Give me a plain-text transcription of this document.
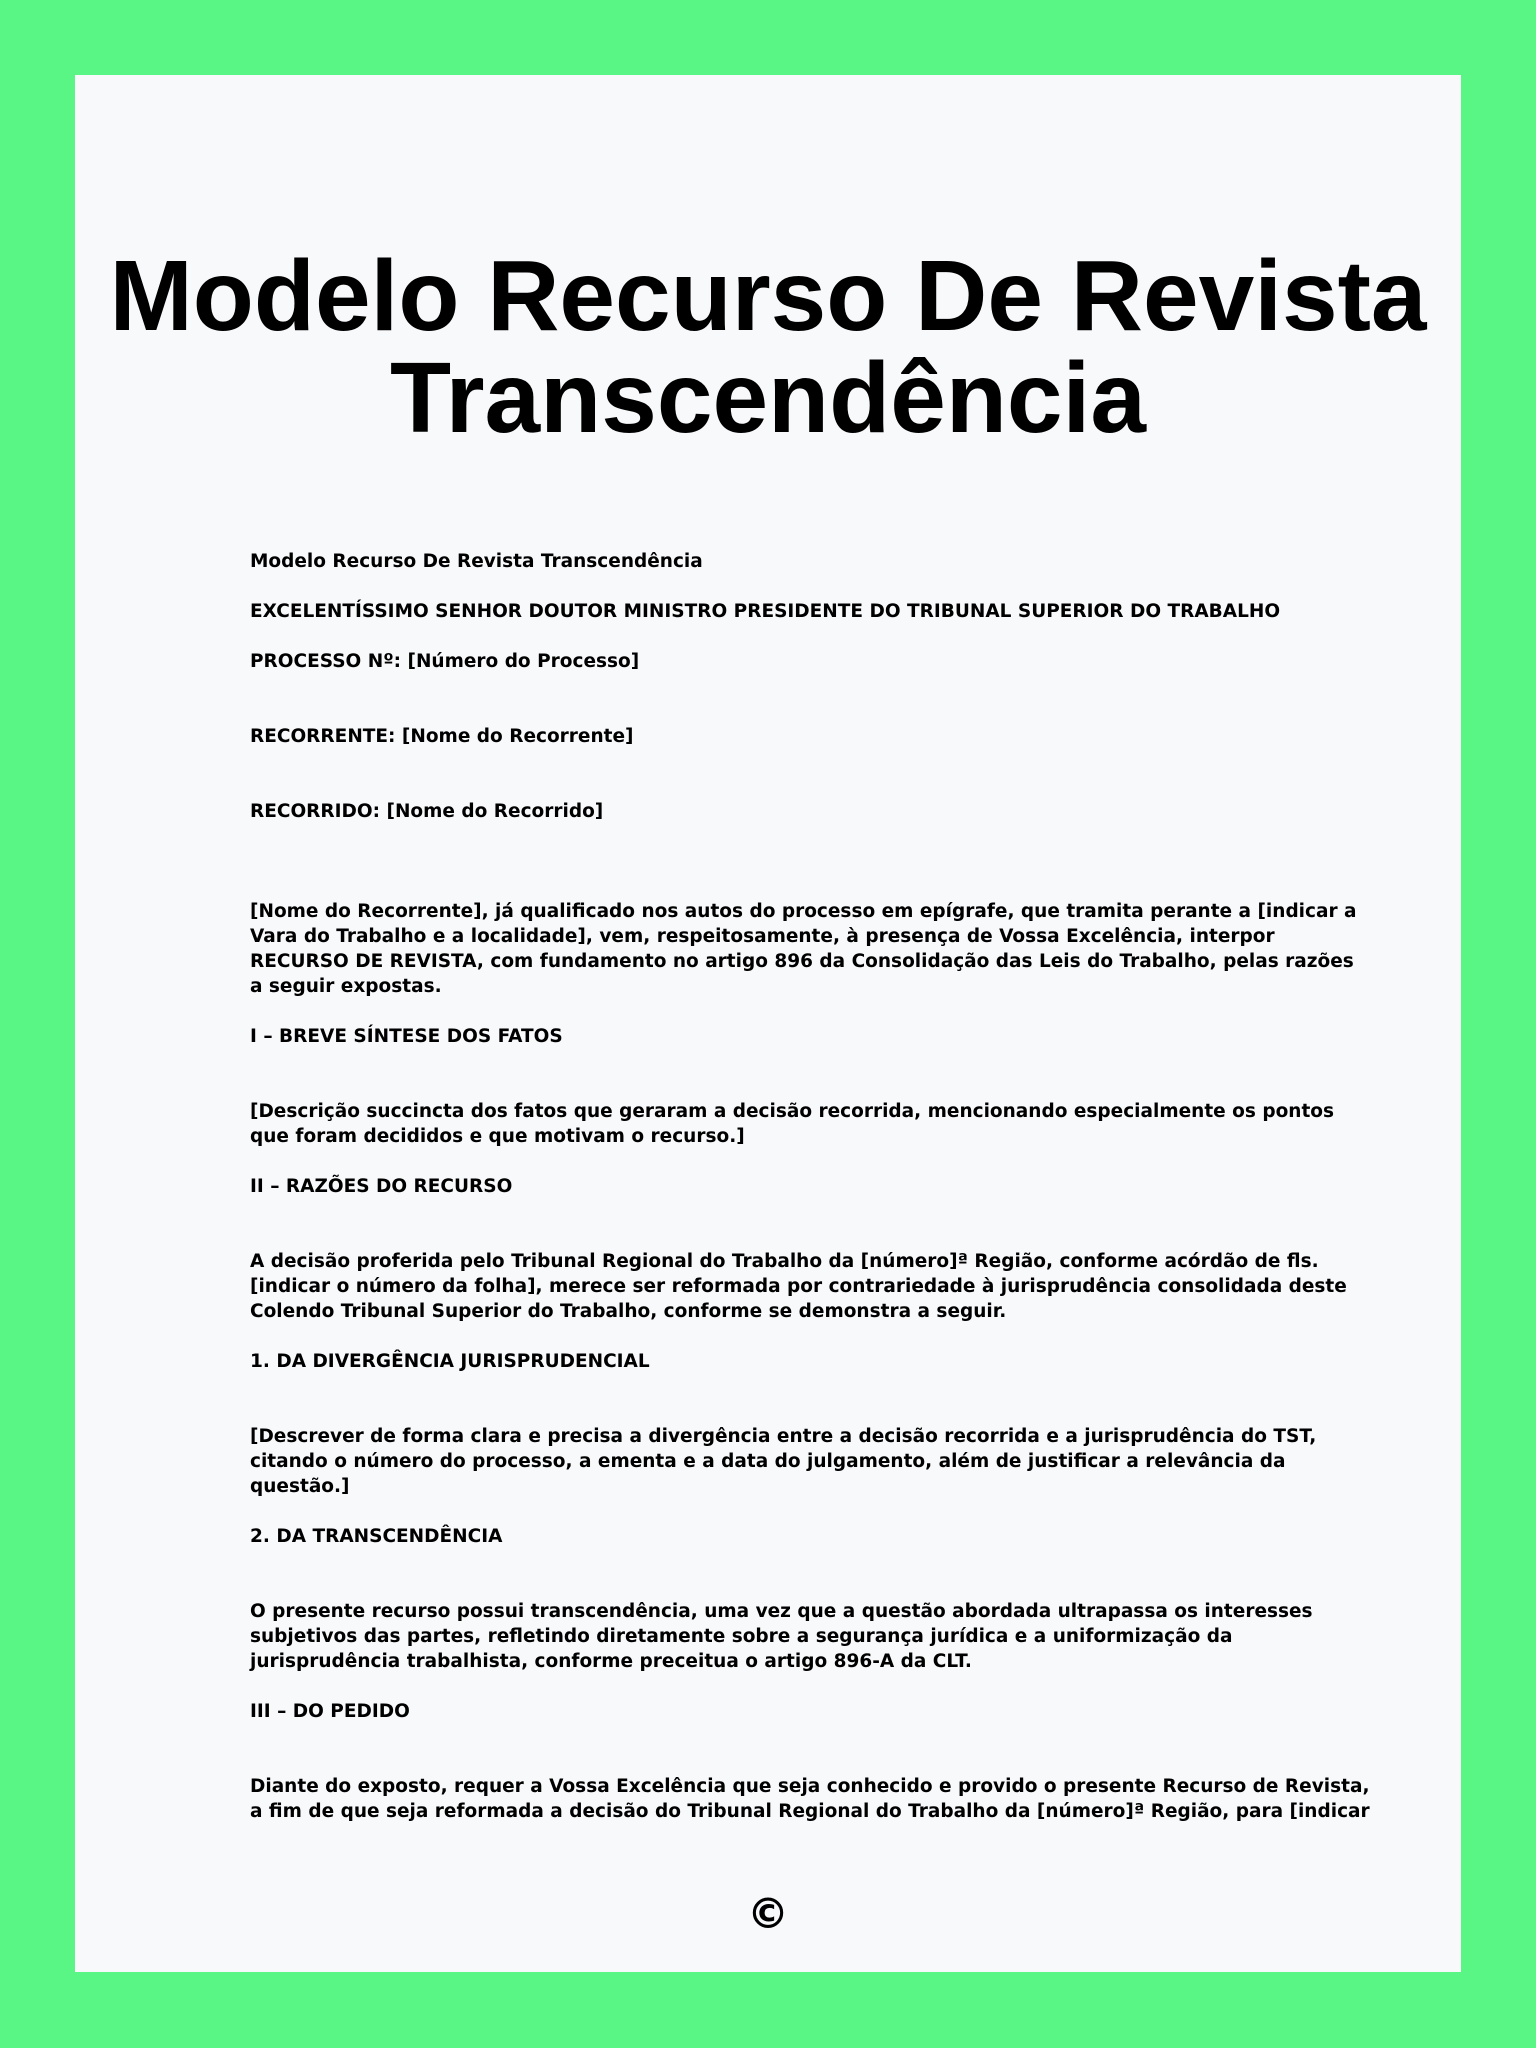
Modelo Recurso De Revista Transcendência

Modelo Recurso De Revista Transcendência

EXCELENTÍSSIMO SENHOR DOUTOR MINISTRO PRESIDENTE DO TRIBUNAL SUPERIOR DO TRABALHO

PROCESSO Nº: [Número do Processo]

RECORRENTE: [Nome do Recorrente]

RECORRIDO: [Nome do Recorrido]

[Nome do Recorrente], já qualificado nos autos do processo em epígrafe, que tramita perante a [indicar a Vara do Trabalho e a localidade], vem, respeitosamente, à presença de Vossa Excelência, interpor RECURSO DE REVISTA, com fundamento no artigo 896 da Consolidação das Leis do Trabalho, pelas razões a seguir expostas.

I – BREVE SÍNTESE DOS FATOS

[Descrição succincta dos fatos que geraram a decisão recorrida, mencionando especialmente os pontos que foram decididos e que motivam o recurso.]

II – RAZÕES DO RECURSO

A decisão proferida pelo Tribunal Regional do Trabalho da [número]ª Região, conforme acórdão de fls. [indicar o número da folha], merece ser reformada por contrariedade à jurisprudência consolidada deste Colendo Tribunal Superior do Trabalho, conforme se demonstra a seguir.

1. DA DIVERGÊNCIA JURISPRUDENCIAL

[Descrever de forma clara e precisa a divergência entre a decisão recorrida e a jurisprudência do TST, citando o número do processo, a ementa e a data do julgamento, além de justificar a relevância da questão.]

2. DA TRANSCENDÊNCIA

O presente recurso possui transcendência, uma vez que a questão abordada ultrapassa os interesses subjetivos das partes, refletindo diretamente sobre a segurança jurídica e a uniformização da jurisprudência trabalhista, conforme preceitua o artigo 896-A da CLT.

III – DO PEDIDO

Diante do exposto, requer a Vossa Excelência que seja conhecido e provido o presente Recurso de Revista, a fim de que seja reformada a decisão do Tribunal Regional do Trabalho da [número]ª Região, para [indicar

©
